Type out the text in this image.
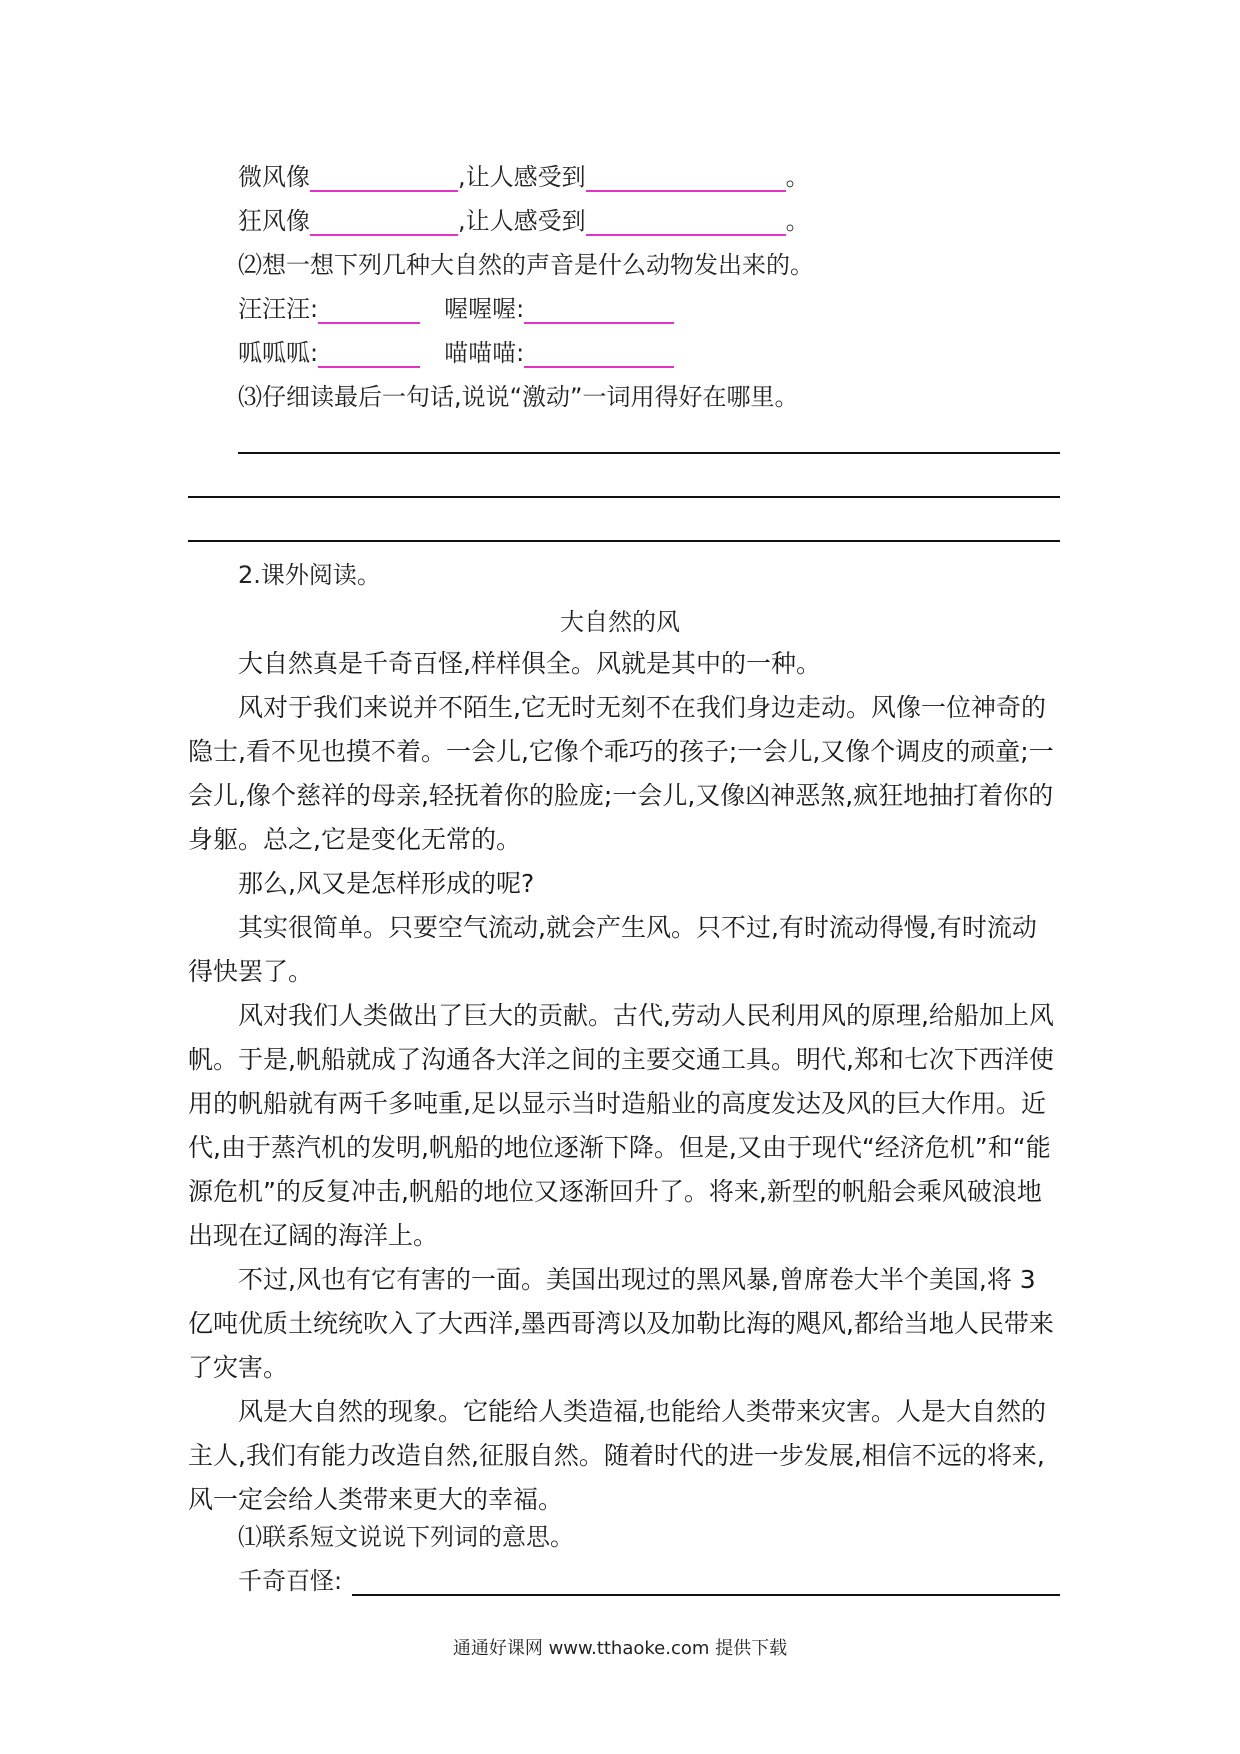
微风像	,让人感受到	。
狂风像	,让人感受到	。
⑵想一想下列几种大自然的声音是什么动物发出来的。
汪汪汪:	喔喔喔:
呱呱呱:	喵喵喵:
⑶仔细读最后一句话,说说“激动”一词用得好在哪里。
2.课外阅读。
大自然的风

大自然真是千奇百怪,样样俱全。风就是其中的一种。

风对于我们来说并不陌生,它无时无刻不在我们身边走动。风像一位神奇的隐士,看不见也摸不着。一会儿,它像个乖巧的孩子;一会儿,又像个调皮的顽童;一会儿,像个慈祥的母亲,轻抚着你的脸庞;一会儿,又像凶神恶煞,疯狂地抽打着你的身躯。总之,它是变化无常的。

那么,风又是怎样形成的呢?

其实很简单。只要空气流动,就会产生风。只不过,有时流动得慢,有时流动得快罢了。

风对我们人类做出了巨大的贡献。古代,劳动人民利用风的原理,给船加上风帆。于是,帆船就成了沟通各大洋之间的主要交通工具。明代,郑和七次下西洋使用的帆船就有两千多吨重,足以显示当时造船业的高度发达及风的巨大作用。近代,由于蒸汽机的发明,帆船的地位逐渐下降。但是,又由于现代“经济危机”和“能源危机”的反复冲击,帆船的地位又逐渐回升了。将来,新型的帆船会乘风破浪地出现在辽阔的海洋上。

不过,风也有它有害的一面。美国出现过的黑风暴,曾席卷大半个美国,将 3 亿吨优质土统统吹入了大西洋,墨西哥湾以及加勒比海的飓风,都给当地人民带来了灾害。

风是大自然的现象。它能给人类造福,也能给人类带来灾害。人是大自然的主人,我们有能力改造自然,征服自然。随着时代的进一步发展,相信不远的将来,风一定会给人类带来更大的幸福。

⑴联系短文说说下列词的意思。
千奇百怪:
通通好课网 www.tthaoke.com 提供下载
